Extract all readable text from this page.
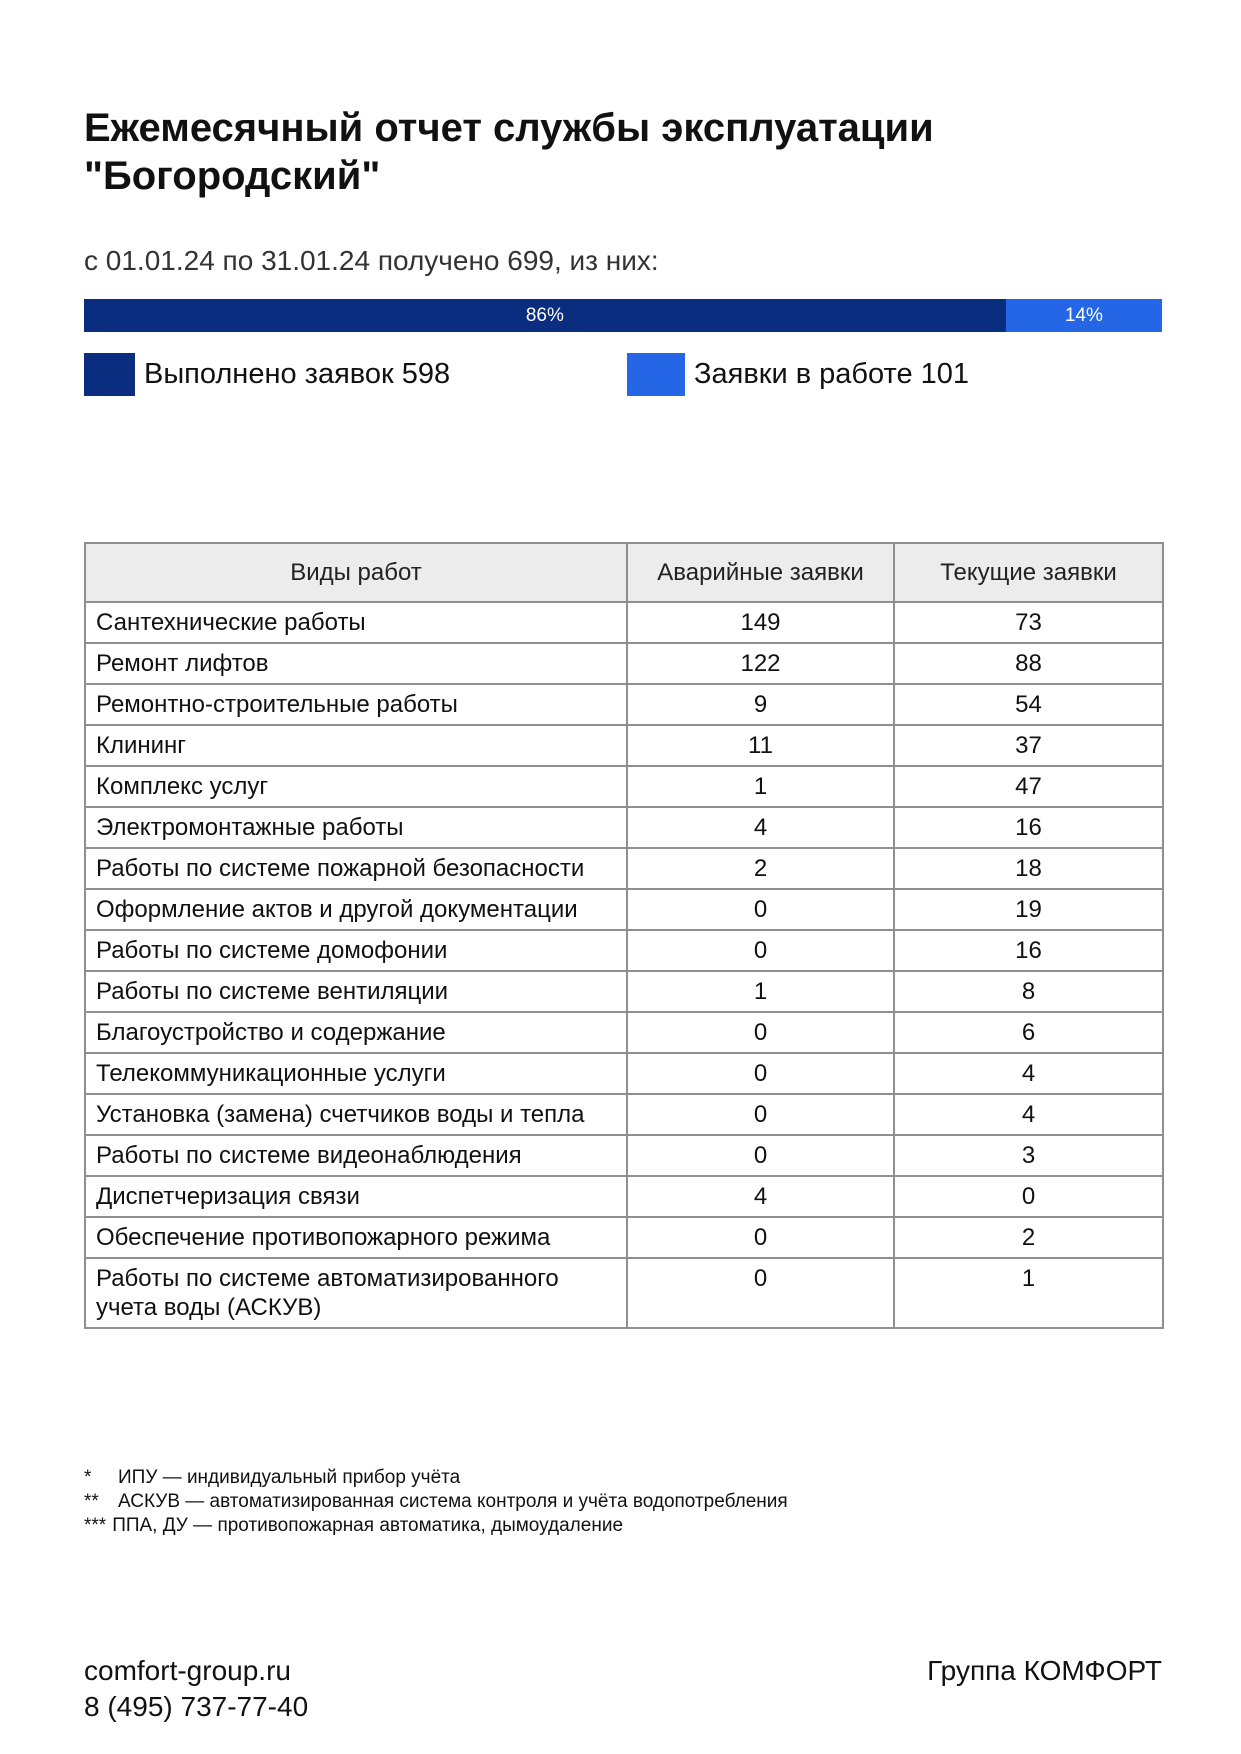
Ежемесячный отчет службы эксплуатации "Богородский"
с 01.01.24 по 31.01.24 получено 699, из них:
86%	14%
Выполнено заявок 598	Заявки в работе 101
Виды работ	Аварийные заявки	Текущие заявки
Сантехнические работы	149	73
Ремонт лифтов	122	88
Ремонтно-строительные работы	9	54
Клининг	11	37
Комплекс услуг	1	47
Электромонтажные работы	4	16
Работы по системе пожарной безопасности	2	18
Оформление актов и другой документации	0	19
Работы по системе домофонии	0	16
Работы по системе вентиляции	1	8
Благоустройство и содержание	0	6
Телекоммуникационные услуги	0	4
Установка (замена) счетчиков воды и тепла	0	4
Работы по системе видеонаблюдения	0	3
Диспетчеризация связи	4	0
Обеспечение противопожарного режима	0	2
Работы по системе автоматизированного учета воды (АСКУВ)	0	1
*	ИПУ — индивидуальный прибор учёта
**	АСКУВ — автоматизированная система контроля и учёта водопотребления
*** ППА, ДУ — противопожарная автоматика, дымоудаление
comfort-group.ru
8 (495) 737-77-40
Группа КОМФОРТ
